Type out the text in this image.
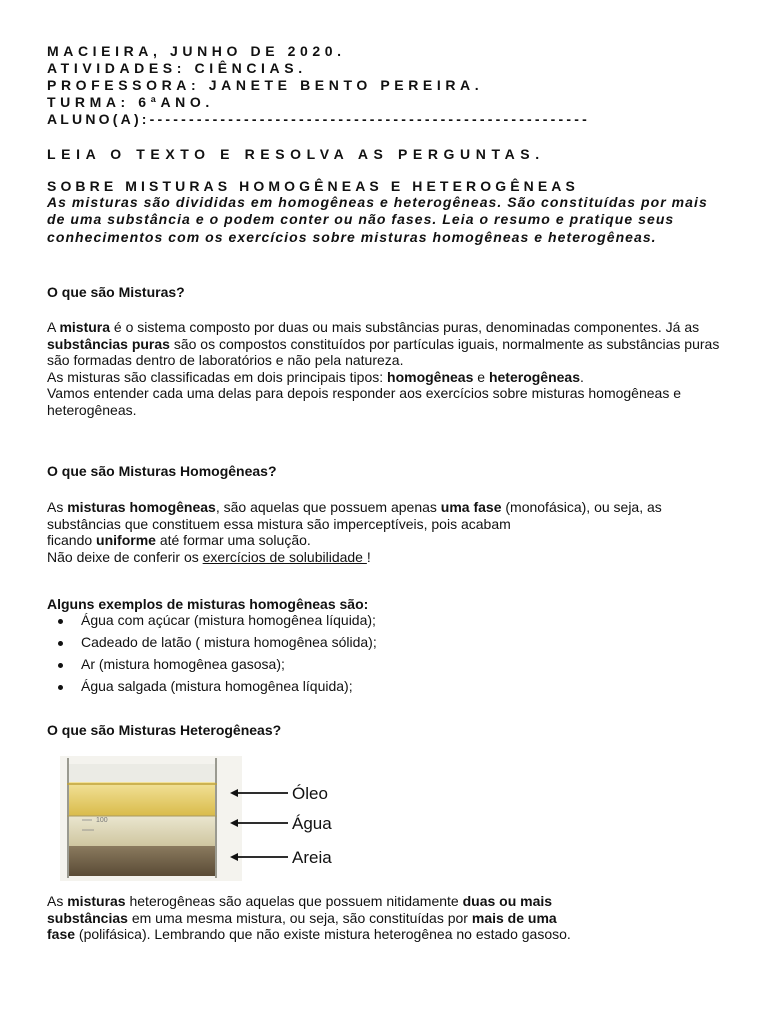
MACIEIRA, JUNHO DE 2020.
ATIVIDADES: CIÊNCIAS.
PROFESSORA: JANETE BENTO PEREIRA.
TURMA: 6ªANO.
ALUNO(A):--------------------------------------------------------
LEIA O TEXTO E RESOLVA AS PERGUNTAS.
SOBRE MISTURAS HOMOGÊNEAS E HETEROGÊNEAS
As misturas são divididas em homogêneas e heterogêneas. São constituídas por mais de uma substância e o podem conter ou não fases. Leia o resumo e pratique seus conhecimentos com os exercícios sobre misturas homogêneas e heterogêneas.
O que são Misturas?
A mistura é o sistema composto por duas ou mais substâncias puras, denominadas componentes. Já as substâncias puras são os compostos constituídos por partículas iguais, normalmente as substâncias puras são formadas dentro de laboratórios e não pela natureza.
As misturas são classificadas em dois principais tipos: homogêneas e heterogêneas.
Vamos entender cada uma delas para depois responder aos exercícios sobre misturas homogêneas e heterogêneas.
O que são Misturas Homogêneas?
As misturas homogêneas, são aquelas que possuem apenas uma fase (monofásica), ou seja, as substâncias que constituem essa mistura são imperceptíveis, pois acabam
ficando uniforme até formar uma solução.
Não deixe de conferir os exercícios de solubilidade !
Alguns exemplos de misturas homogêneas são:
Água com açúcar (mistura homogênea líquida);
Cadeado de latão ( mistura homogênea sólida);
Ar (mistura homogênea gasosa);
Água salgada (mistura homogênea líquida);
O que são Misturas Heterogêneas?
100
Óleo
Água
Areia
As misturas heterogêneas são aquelas que possuem nitidamente duas ou mais
substâncias em uma mesma mistura, ou seja, são constituídas por mais de uma
fase (polifásica). Lembrando que não existe mistura heterogênea no estado gasoso.
